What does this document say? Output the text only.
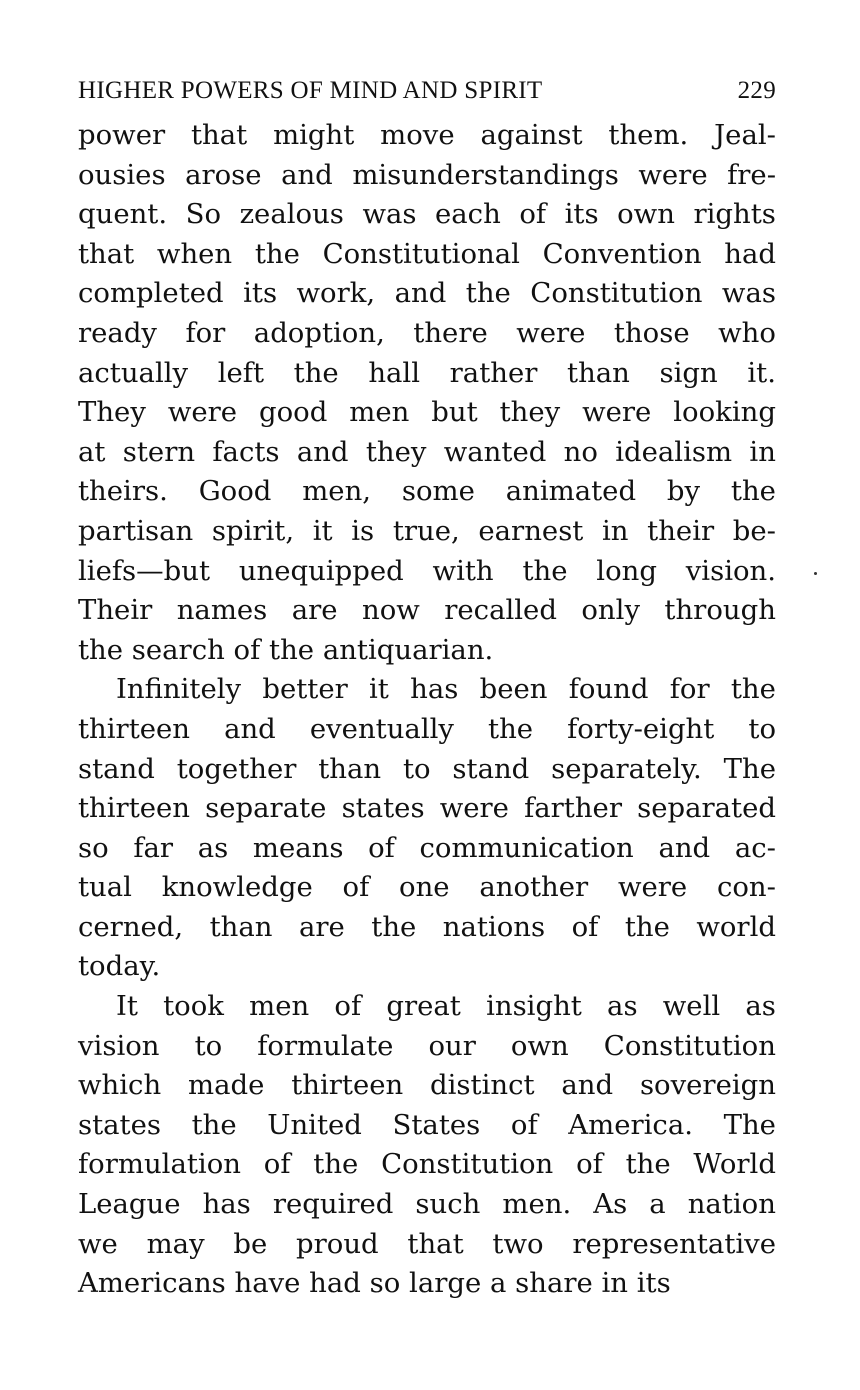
HIGHER POWERS OF MIND AND SPIRIT	229
power that might move against them. Jeal-
ousies arose and misunderstandings were fre-
quent. So zealous was each of its own rights
that when the Constitutional Convention had
completed its work, and the Constitution was
ready for adoption, there were those who
actually left the hall rather than sign it.
They were good men but they were looking
at stern facts and they wanted no idealism in
theirs. Good men, some animated by the
partisan spirit, it is true, earnest in their be-
liefs—but unequipped with the long vision.
Their names are now recalled only through
the search of the antiquarian.
Infinitely better it has been found for the
thirteen and eventually the forty-eight to
stand together than to stand separately. The
thirteen separate states were farther separated
so far as means of communication and ac-
tual knowledge of one another were con-
cerned, than are the nations of the world
today.
It took men of great insight as well as
vision to formulate our own Constitution
which made thirteen distinct and sovereign
states the United States of America. The
formulation of the Constitution of the World
League has required such men. As a nation
we may be proud that two representative
Americans have had so large a share in its
